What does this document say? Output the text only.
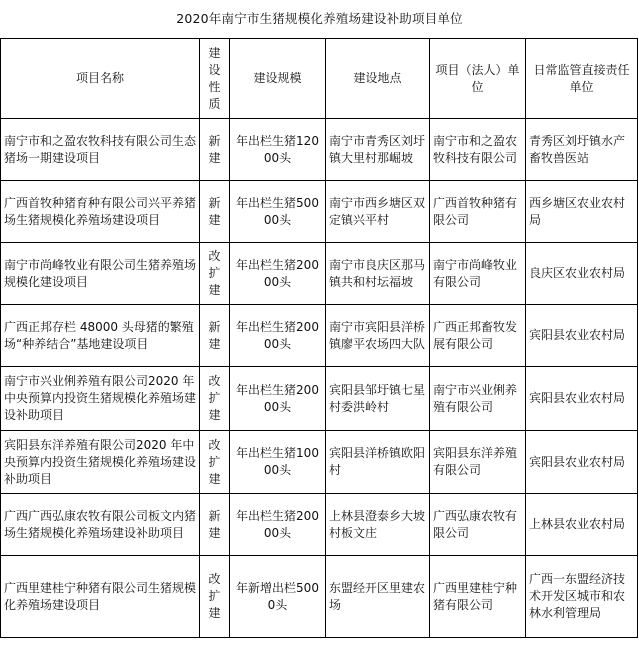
2020年南宁市生猪规模化养殖场建设补助项目单位
项目名称	建设性质	建设规模	建设地点	项目（法人）单位	日常监管直接责任单位
南宁市和之盈农牧科技有限公司生态猪场一期建设项目	新建	年出栏生猪12000头	南宁市青秀区刘圩镇大里村那崛坡	南宁市和之盈农牧科技有限公司	青秀区刘圩镇水产畜牧兽医站
广西首牧种猪育种有限公司兴平养猪场生猪规模化养殖场建设项目	新建	年出栏生猪50000头	南宁市西乡塘区双定镇兴平村	广西首牧种猪有限公司	西乡塘区农业农村局
南宁市尚峰牧业有限公司生猪养殖场规模化建设项目	改扩建	年出栏生猪20000头	南宁市良庆区那马镇共和村坛福坡	南宁市尚峰牧业有限公司	良庆区农业农村局
广西正邦存栏 48000 头母猪的繁殖场“种养结合”基地建设项目	新建	年出栏生猪20000头	南宁市宾阳县洋桥镇廖平农场四大队	广西正邦畜牧发展有限公司	宾阳县农业农村局
南宁市兴业俐养殖有限公司2020 年中央预算内投资生猪规模化养殖场建设补助项目	改扩建	年出栏生猪20000头	宾阳县邹圩镇七星村委洪岭村	南宁市兴业俐养殖有限公司	宾阳县农业农村局
宾阳县东洋养殖有限公司2020 年中央预算内投资生猪规模化养殖场建设补助项目	改扩建	年出栏生猪10000头	宾阳县洋桥镇欧阳村	宾阳县东洋养殖有限公司	宾阳县农业农村局
广西广西弘康农牧有限公司板文内猪场生猪规模化养殖场建设补助项目	新建	年出栏生猪20000头	上林县澄泰乡大坡村板文庄	广西弘康农牧有限公司	上林县农业农村局
广西里建桂宁种猪有限公司生猪规模化养殖场建设项目	改扩建	年新增出栏5000头	东盟经开区里建农场	广西里建桂宁种猪有限公司	广西一东盟经济技术开发区城市和农林水利管理局
